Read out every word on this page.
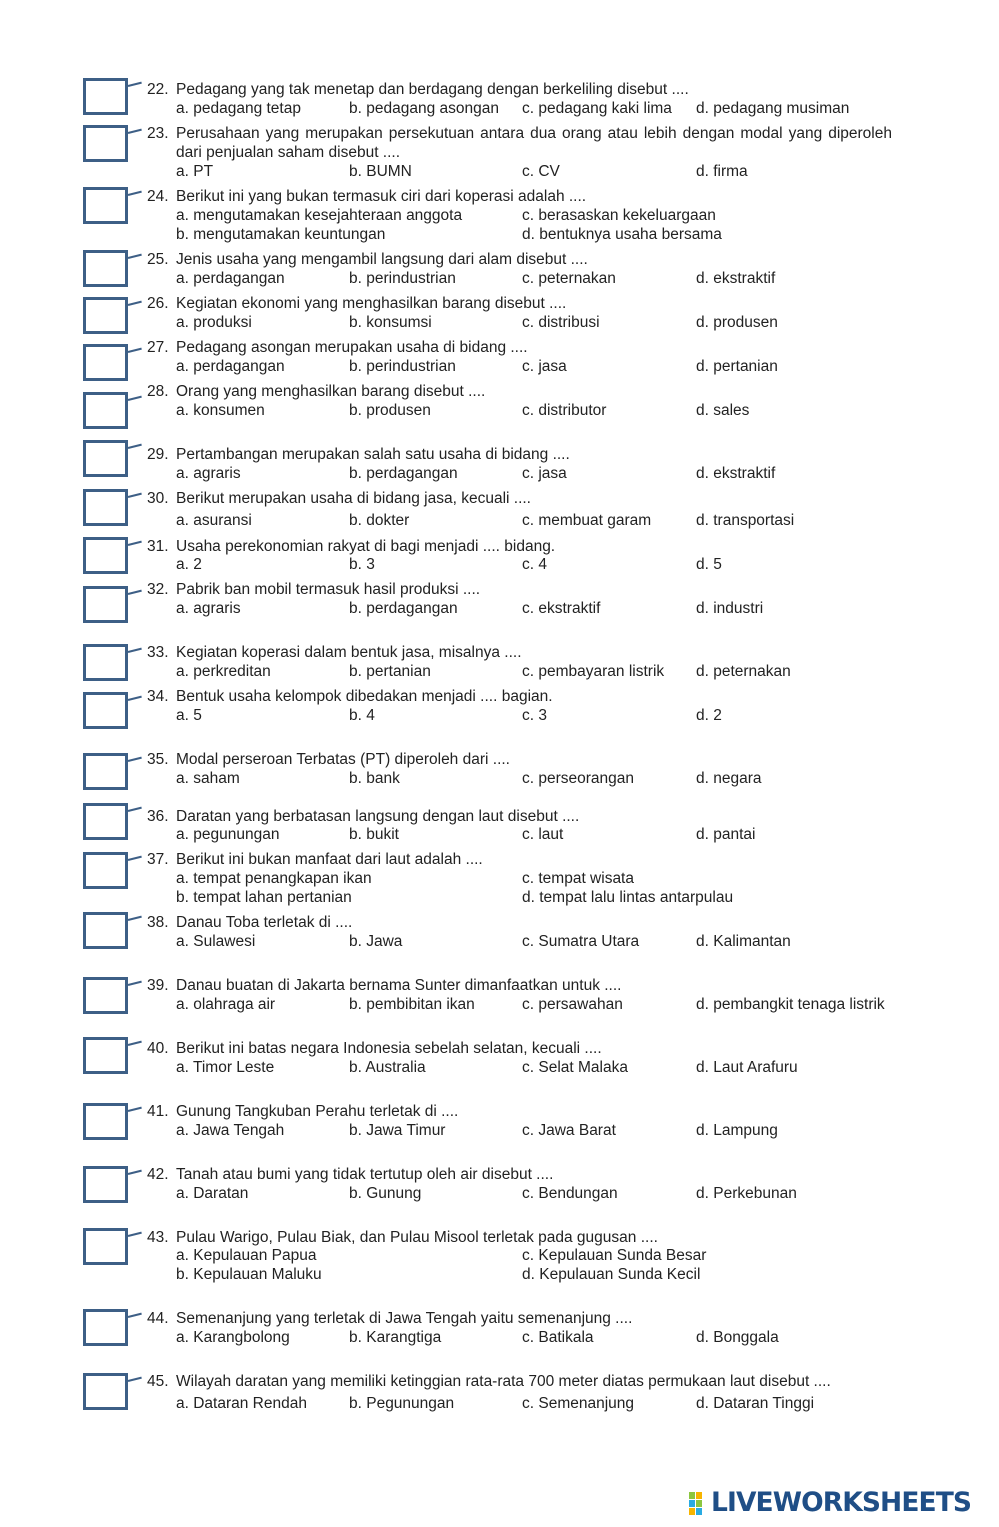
22. Pedagang yang tak menetap dan berdagang dengan berkeliling disebut ....
a. pedagang tetap	b. pedagang asongan c. pedagang kaki lima d. pedagang musiman
23. Perusahaan yang merupakan persekutuan antara dua orang atau lebih dengan modal yang diperoleh dari penjualan saham disebut ....
a. PT	b. BUMN	c. CV	d. firma
24. Berikut ini yang bukan termasuk ciri dari koperasi adalah ....
a. mengutamakan kesejahteraan anggota	c. berasaskan kekeluargaan
b. mengutamakan keuntungan	d. bentuknya usaha bersama
25. Jenis usaha yang mengambil langsung dari alam disebut ....
a. perdagangan	b. perindustrian	c. peternakan	d. ekstraktif
26. Kegiatan ekonomi yang menghasilkan barang disebut ....
a. produksi	b. konsumsi	c. distribusi	d. produsen
27. Pedagang asongan merupakan usaha di bidang ....
a. perdagangan	b. perindustrian	c. jasa	d. pertanian
28. Orang yang menghasilkan barang disebut ....
a. konsumen	b. produsen	c. distributor	d. sales
29. Pertambangan merupakan salah satu usaha di bidang ....
a. agraris	b. perdagangan	c. jasa	d. ekstraktif
30. Berikut merupakan usaha di bidang jasa, kecuali ....
a. asuransi	b. dokter	c. membuat garam	d. transportasi
31. Usaha perekonomian rakyat di bagi menjadi .... bidang.
a. 2	b. 3	c. 4	d. 5
32. Pabrik ban mobil termasuk hasil produksi ....
a. agraris	b. perdagangan	c. ekstraktif	d. industri
33. Kegiatan koperasi dalam bentuk jasa, misalnya ....
a. perkreditan	b. pertanian	c. pembayaran listrik d. peternakan
34. Bentuk usaha kelompok dibedakan menjadi .... bagian.
a. 5	b. 4	c. 3	d. 2
35. Modal perseroan Terbatas (PT) diperoleh dari ....
a. saham	b. bank	c. perseorangan	d. negara
36. Daratan yang berbatasan langsung dengan laut disebut ....
a. pegunungan	b. bukit	c. laut	d. pantai
37. Berikut ini bukan manfaat dari laut adalah ....
a. tempat penangkapan ikan	c. tempat wisata
b. tempat lahan pertanian	d. tempat lalu lintas antarpulau
38. Danau Toba terletak di ....
a. Sulawesi	b. Jawa	c. Sumatra Utara	d. Kalimantan
39. Danau buatan di Jakarta bernama Sunter dimanfaatkan untuk ....
a. olahraga air	b. pembibitan ikan	c. persawahan	d. pembangkit tenaga listrik
40. Berikut ini batas negara Indonesia sebelah selatan, kecuali ....
a. Timor Leste	b. Australia	c. Selat Malaka	d. Laut Arafuru
41. Gunung Tangkuban Perahu terletak di ....
a. Jawa Tengah	b. Jawa Timur	c. Jawa Barat	d. Lampung
42. Tanah atau bumi yang tidak tertutup oleh air disebut ....
a. Daratan	b. Gunung	c. Bendungan	d. Perkebunan
43. Pulau Warigo, Pulau Biak, dan Pulau Misool terletak pada gugusan ....
a. Kepulauan Papua	c. Kepulauan Sunda Besar
b. Kepulauan Maluku	d. Kepulauan Sunda Kecil
44. Semenanjung yang terletak di Jawa Tengah yaitu semenanjung ....
a. Karangbolong	b. Karangtiga	c. Batikala	d. Bonggala
45. Wilayah daratan yang memiliki ketinggian rata-rata 700 meter diatas permukaan laut disebut ....
a. Dataran Rendah	b. Pegunungan	c. Semenanjung	d. Dataran Tinggi
LIVEWORKSHEETS
